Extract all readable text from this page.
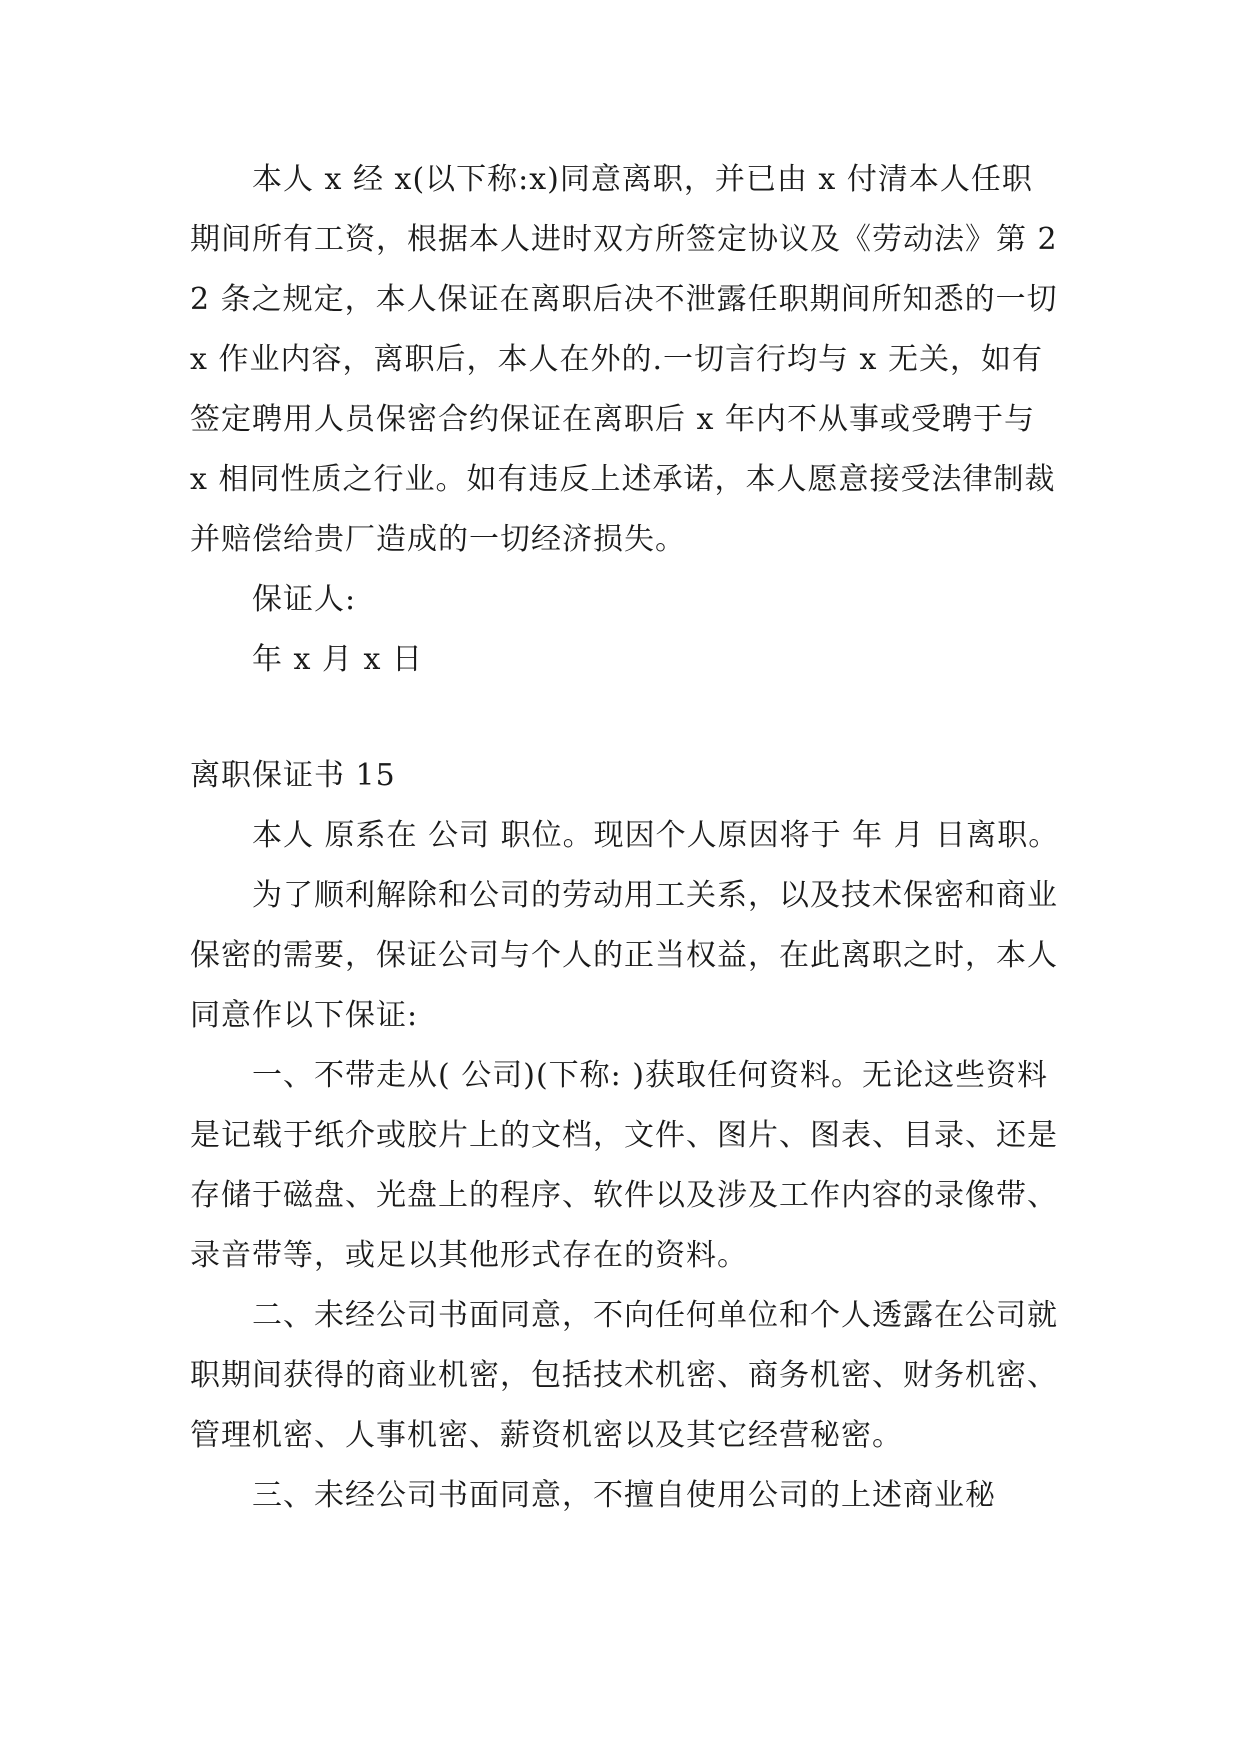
本人 x 经 x(以下称:x)同意离职，并已由 x 付清本人任职期间所有工资，根据本人进时双方所签定协议及《劳动法》第 22 条之规定，本人保证在离职后决不泄露任职期间所知悉的一切 x 作业内容，离职后，本人在外的.一切言行均与 x 无关，如有签定聘用人员保密合约保证在离职后 x 年内不从事或受聘于与 x 相同性质之行业。如有违反上述承诺，本人愿意接受法律制裁并赔偿给贵厂造成的一切经济损失。

保证人:

年 x 月 x 日

离职保证书 15

本人 原系在 公司 职位。现因个人原因将于 年 月 日离职。

为了顺利解除和公司的劳动用工关系，以及技术保密和商业保密的需要，保证公司与个人的正当权益，在此离职之时，本人同意作以下保证:

一、不带走从( 公司)(下称: )获取任何资料。无论这些资料是记载于纸介或胶片上的文档，文件、图片、图表、目录、还是存储于磁盘、光盘上的程序、软件以及涉及工作内容的录像带、录音带等，或足以其他形式存在的资料。

二、未经公司书面同意，不向任何单位和个人透露在公司就职期间获得的商业机密，包括技术机密、商务机密、财务机密、管理机密、人事机密、薪资机密以及其它经营秘密。

三、未经公司书面同意，不擅自使用公司的上述商业秘
